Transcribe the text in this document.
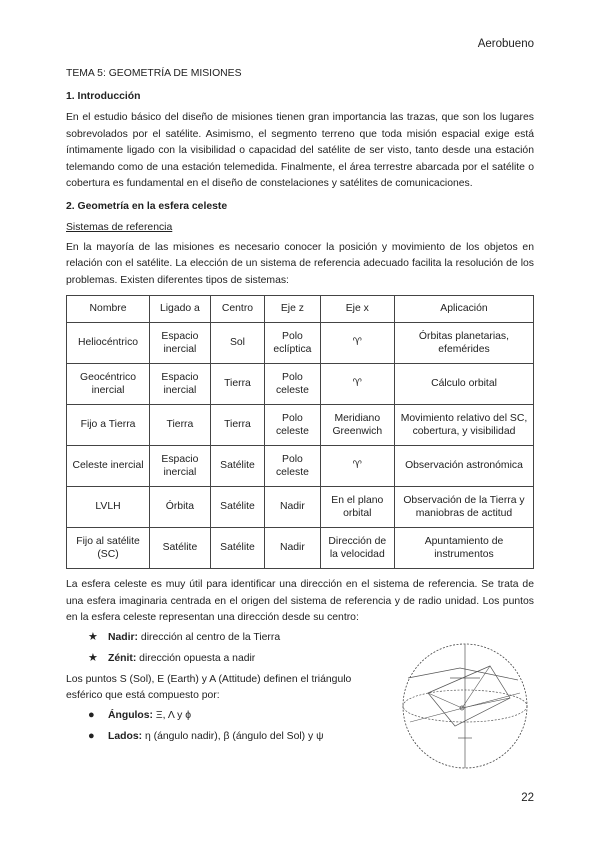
Aerobueno

TEMA 5: GEOMETRÍA DE MISIONES

1. Introducción

En el estudio básico del diseño de misiones tienen gran importancia las trazas, que son los lugares sobrevolados por el satélite. Asimismo, el segmento terreno que toda misión espacial exige está íntimamente ligado con la visibilidad o capacidad del satélite de ser visto, tanto desde una estación telemando como de una estación telemedida. Finalmente, el área terrestre abarcada por el satélite o cobertura es fundamental en el diseño de constelaciones y satélites de comunicaciones.

2. Geometría en la esfera celeste

Sistemas de referencia

En la mayoría de las misiones es necesario conocer la posición y movimiento de los objetos en relación con el satélite. La elección de un sistema de referencia adecuado facilita la resolución de los problemas. Existen diferentes tipos de sistemas:

Nombre	Ligado a	Centro	Eje z	Eje x	Aplicación
Heliocéntrico	Espacio inercial	Sol	Polo eclíptica	♈	Órbitas planetarias, efemérides
Geocéntrico inercial	Espacio inercial	Tierra	Polo celeste	♈	Cálculo orbital
Fijo a Tierra	Tierra	Tierra	Polo celeste	Meridiano Greenwich	Movimiento relativo del SC, cobertura, y visibilidad
Celeste inercial	Espacio inercial	Satélite	Polo celeste	♈	Observación astronómica
LVLH	Órbita	Satélite	Nadir	En el plano orbital	Observación de la Tierra y maniobras de actitud
Fijo al satélite (SC)	Satélite	Satélite	Nadir	Dirección de la velocidad	Apuntamiento de instrumentos

La esfera celeste es muy útil para identificar una dirección en el sistema de referencia. Se trata de una esfera imaginaria centrada en el origen del sistema de referencia y de radio unidad. Los puntos en la esfera celeste representan una dirección desde su centro:

★ Nadir: dirección al centro de la Tierra
★ Zénit: dirección opuesta a nadir

Los puntos S (Sol), E (Earth) y A (Attitude) definen el triángulo esférico que está compuesto por:

●	Ángulos: Ξ, Λ y ϕ
●	Lados: η (ángulo nadir), β (ángulo del Sol) y ψ
22
